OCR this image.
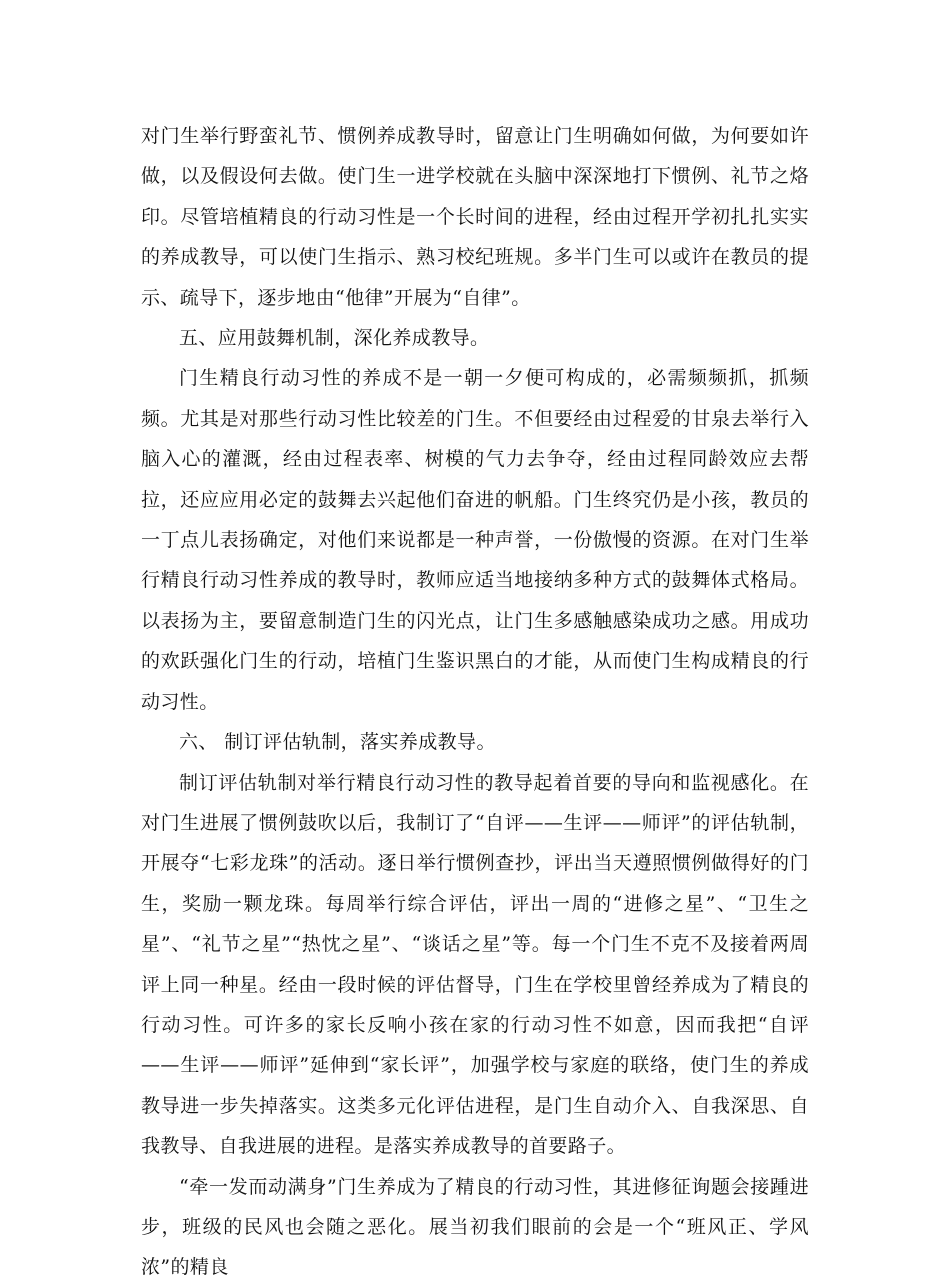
对门生举行野蛮礼节、惯例养成教导时，留意让门生明确如何做，为何要如许做，以及假设何去做。使门生一进学校就在头脑中深深地打下惯例、礼节之烙印。尽管培植精良的行动习性是一个长时间的进程，经由过程开学初扎扎实实的养成教导，可以使门生指示、熟习校纪班规。多半门生可以或许在教员的提示、疏导下，逐步地由“他律”开展为“自律”。

五、应用鼓舞机制，深化养成教导。

门生精良行动习性的养成不是一朝一夕便可构成的，必需频频抓，抓频频。尤其是对那些行动习性比较差的门生。不但要经由过程爱的甘泉去举行入脑入心的灌溉，经由过程表率、树模的气力去争夺，经由过程同龄效应去帮拉，还应应用必定的鼓舞去兴起他们奋进的帆船。门生终究仍是小孩，教员的一丁点儿表扬确定，对他们来说都是一种声誉，一份傲慢的资源。在对门生举行精良行动习性养成的教导时，教师应适当地接纳多种方式的鼓舞体式格局。以表扬为主，要留意制造门生的闪光点，让门生多感触感染成功之感。用成功的欢跃强化门生的行动，培植门生鉴识黑白的才能，从而使门生构成精良的行动习性。

六、 制订评估轨制，落实养成教导。

制订评估轨制对举行精良行动习性的教导起着首要的导向和监视感化。在对门生进展了惯例鼓吹以后，我制订了“自评——生评——师评”的评估轨制，开展夺“七彩龙珠”的活动。逐日举行惯例查抄，评出当天遵照惯例做得好的门生，奖励一颗龙珠。每周举行综合评估，评出一周的“进修之星”、“卫生之星”、“礼节之星”“热忱之星”、“谈话之星”等。每一个门生不克不及接着两周评上同一种星。经由一段时候的评估督导，门生在学校里曾经养成为了精良的行动习性。可许多的家长反响小孩在家的行动习性不如意，因而我把“自评——生评——师评”延伸到“家长评”，加强学校与家庭的联络，使门生的养成教导进一步失掉落实。这类多元化评估进程，是门生自动介入、自我深思、自我教导、自我进展的进程。是落实养成教导的首要路子。

“牵一发而动满身”门生养成为了精良的行动习性，其进修征询题会接踵进步，班级的民风也会随之恶化。展当初我们眼前的会是一个“班风正、学风浓”的精良
